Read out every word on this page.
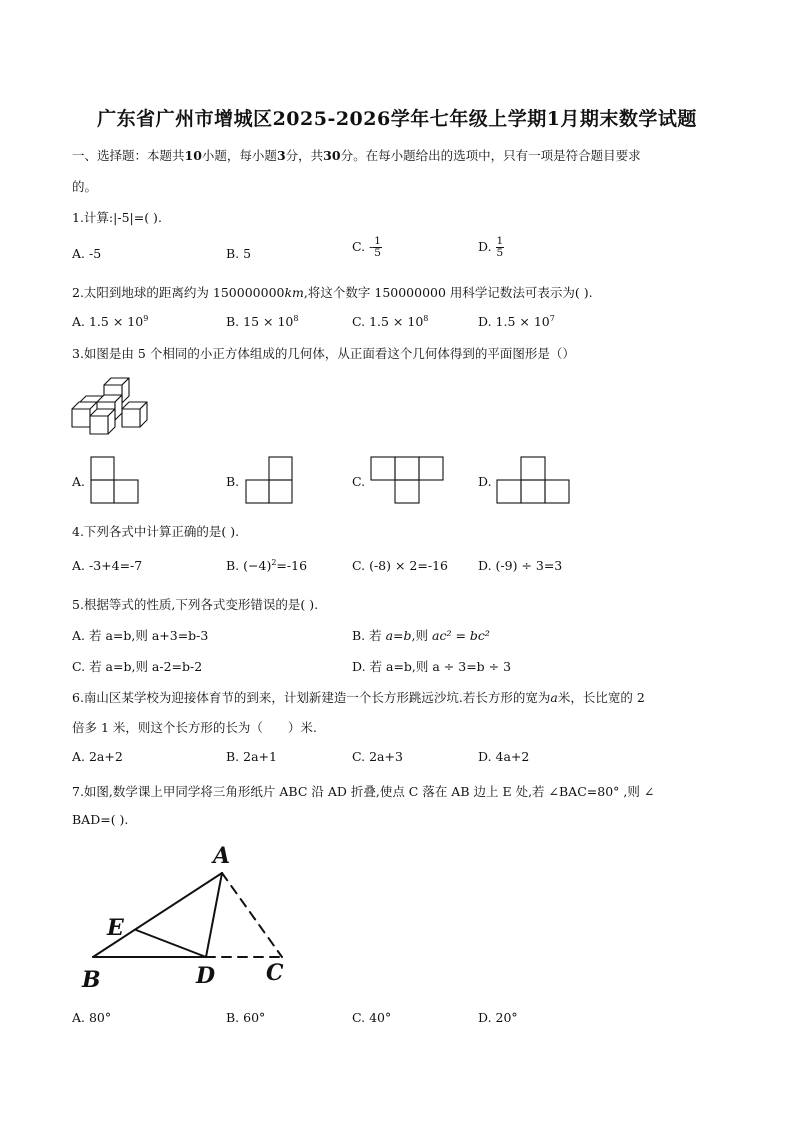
广东省广州市增城区2025-2026学年七年级上学期1月期末数学试题
一、选择题：本题共10小题，每小题3分，共30分。在每小题给出的选项中，只有一项是符合题目要求
的。
1.计算:|-5|=( ).
A. -5	B. 5	C. - $\frac{1}{5}$	D. $\frac{1}{5}$
2.太阳到地球的距离约为 150000000km,将这个数字 150000000 用科学记数法可表示为( ).
A. $1.5 \times 10^9$	B. $15 \times 10^8$	C. $1.5 \times 10^8$	D. $1.5 \times 10^7$
3.如图是由 5 个相同的小正方体组成的几何体，从正面看这个几何体得到的平面图形是（）
A.	B.	C.	D.
4.下列各式中计算正确的是( ).
A. -3+4=-7	B. $(-4)^2=-16$	C. (-8) × 2=-16 D. (-9) ÷ 3=3
5.根据等式的性质,下列各式变形错误的是( ).
A. 若 a=b,则 a+3=b-3	B. 若 a=b,则 ac² = bc²
C. 若 a=b,则 a-2=b-2	D. 若 a=b,则 a ÷ 3=b ÷ 3
6.南山区某学校为迎接体育节的到来，计划新建造一个长方形跳远沙坑.若长方形的宽为a米，长比宽的 2
倍多 1 米，则这个长方形的长为（　　）米.
A. 2a+2	B. 2a+1	C. 2a+3	D. 4a+2
7.如图,数学课上甲同学将三角形纸片 ABC 沿 AD 折叠,使点 C 落在 AB 边上 E 处,若 ∠BAC=80° ,则 ∠
BAD=( ).
A
E
B	D C
A. 80°	B. 60°	C. 40°	D. 20°
